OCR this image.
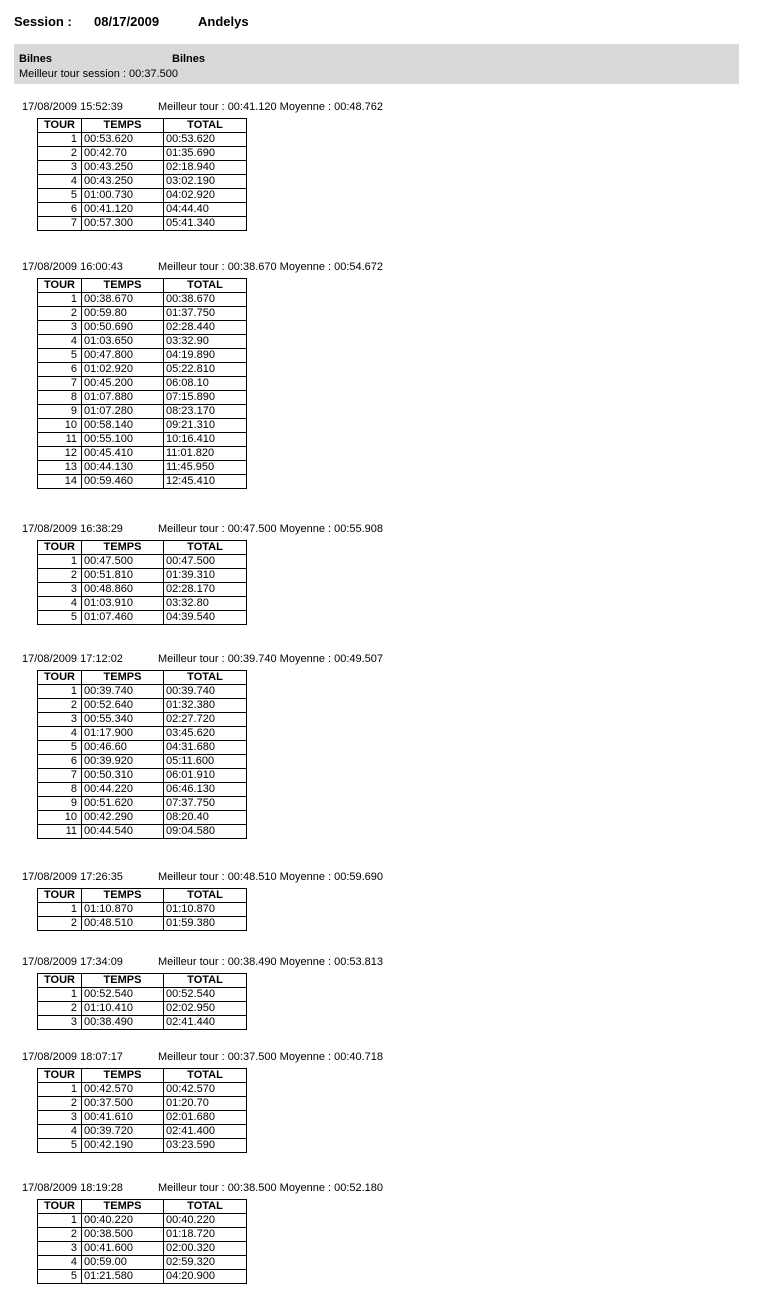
Session : 08/17/2009	Andelys
Bilnes	Bilnes
Meilleur tour session : 00:37.500
17/08/2009 15:52:39	Meilleur tour : 00:41.120 Moyenne : 00:48.762
TOUR	TEMPS	TOTAL
1	00:53.620	00:53.620
2	00:42.70	01:35.690
3	00:43.250	02:18.940
4	00:43.250	03:02.190
5	01:00.730	04:02.920
6	00:41.120	04:44.40
7	00:57.300	05:41.340
17/08/2009 16:00:43	Meilleur tour : 00:38.670 Moyenne : 00:54.672
TOUR	TEMPS	TOTAL
1	00:38.670	00:38.670
2	00:59.80	01:37.750
3	00:50.690	02:28.440
4	01:03.650	03:32.90
5	00:47.800	04:19.890
6	01:02.920	05:22.810
7	00:45.200	06:08.10
8	01:07.880	07:15.890
9	01:07.280	08:23.170
10	00:58.140	09:21.310
11	00:55.100	10:16.410
12	00:45.410	11:01.820
13	00:44.130	11:45.950
14	00:59.460	12:45.410
17/08/2009 16:38:29	Meilleur tour : 00:47.500 Moyenne : 00:55.908
TOUR	TEMPS	TOTAL
1	00:47.500	00:47.500
2	00:51.810	01:39.310
3	00:48.860	02:28.170
4	01:03.910	03:32.80
5	01:07.460	04:39.540
17/08/2009 17:12:02	Meilleur tour : 00:39.740 Moyenne : 00:49.507
TOUR	TEMPS	TOTAL
1	00:39.740	00:39.740
2	00:52.640	01:32.380
3	00:55.340	02:27.720
4	01:17.900	03:45.620
5	00:46.60	04:31.680
6	00:39.920	05:11.600
7	00:50.310	06:01.910
8	00:44.220	06:46.130
9	00:51.620	07:37.750
10	00:42.290	08:20.40
11	00:44.540	09:04.580
17/08/2009 17:26:35	Meilleur tour : 00:48.510 Moyenne : 00:59.690
TOUR	TEMPS	TOTAL
1	01:10.870	01:10.870
2	00:48.510	01:59.380
17/08/2009 17:34:09	Meilleur tour : 00:38.490 Moyenne : 00:53.813
TOUR	TEMPS	TOTAL
1	00:52.540	00:52.540
2	01:10.410	02:02.950
3	00:38.490	02:41.440
17/08/2009 18:07:17	Meilleur tour : 00:37.500 Moyenne : 00:40.718
TOUR	TEMPS	TOTAL
1	00:42.570	00:42.570
2	00:37.500	01:20.70
3	00:41.610	02:01.680
4	00:39.720	02:41.400
5	00:42.190	03:23.590
17/08/2009 18:19:28	Meilleur tour : 00:38.500 Moyenne : 00:52.180
TOUR	TEMPS	TOTAL
1	00:40.220	00:40.220
2	00:38.500	01:18.720
3	00:41.600	02:00.320
4	00:59.00	02:59.320
5	01:21.580	04:20.900
